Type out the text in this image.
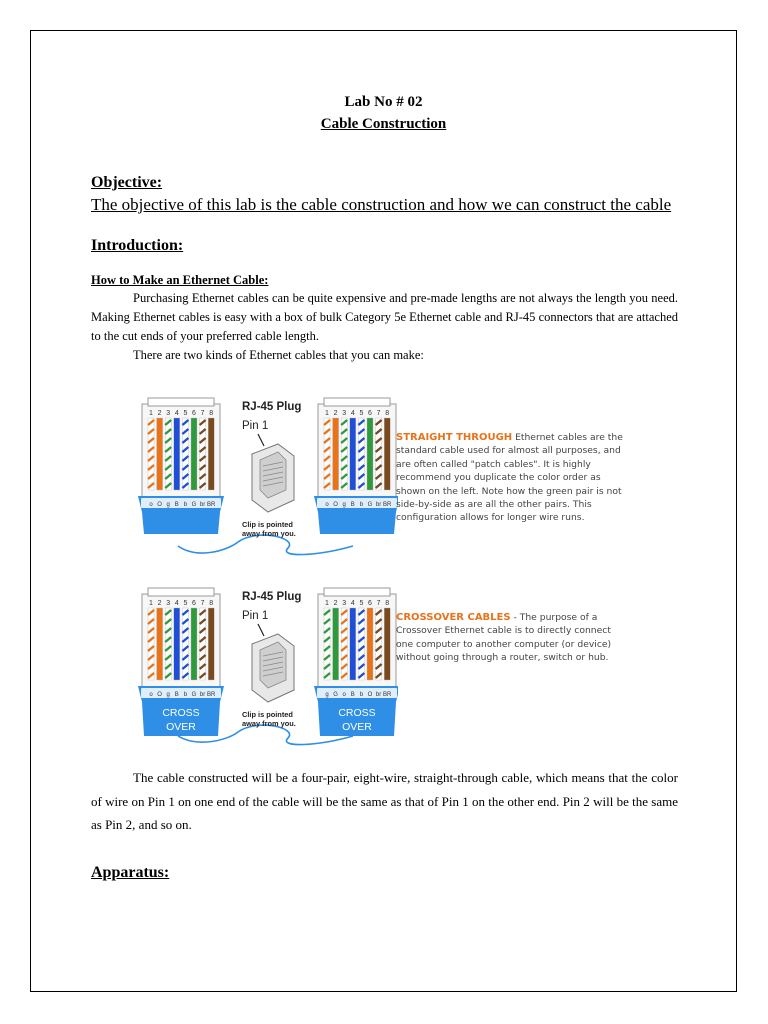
Lab No # 02
Cable Construction
Objective:
The objective of this lab is the cable construction and how we can construct the cable
Introduction:
How to Make an Ethernet Cable:
Purchasing Ethernet cables can be quite expensive and pre-made lengths are not always the length you need. Making Ethernet cables is easy with a box of bulk Category 5e Ethernet cable and RJ-45 connectors that are attached to the cut ends of your preferred cable length.
There are two kinds of Ethernet cables that you can make:
1 2 3 4 5 6 7 8
o O g B b G br BR
1 2 3 4 5 6 7 8
o O g B b G br BR
1 2 3 4 5 6 7 8
o O g B b G br BR
CROSS
OVER
1 2 3 4 5 6 7 8
g G o B b O br BR
CROSS
OVER
RJ-45 Plug
Pin 1
Clip is pointed
away from you.
RJ-45 Plug
Pin 1
Clip is pointed
away from you.
STRAIGHT THROUGH Ethernet cables are the standard cable used for almost all purposes, and are often called "patch cables". It is highly recommend you duplicate the color order as shown on the left. Note how the green pair is not side-by-side as are all the other pairs. This configuration allows for longer wire runs.
CROSSOVER CABLES - The purpose of a Crossover Ethernet cable is to directly connect one computer to another computer (or device) without going through a router, switch or hub.
The cable constructed will be a four-pair, eight-wire, straight-through cable, which means that the color of wire on Pin 1 on one end of the cable will be the same as that of Pin 1 on the other end. Pin 2 will be the same as Pin 2, and so on.
Apparatus:
